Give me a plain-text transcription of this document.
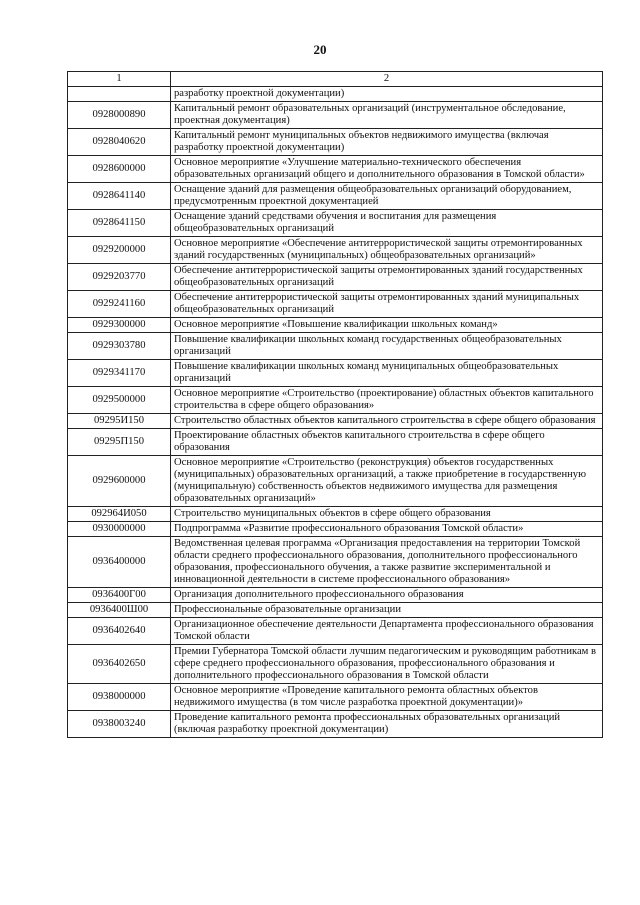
20
1	2
	разработку проектной документации)
0928000890	Капитальный ремонт образовательных организаций (инструментальное обследование, проектная документация)
0928040620	Капитальный ремонт муниципальных объектов недвижимого имущества (включая разработку проектной документации)
0928600000	Основное мероприятие «Улучшение материально-технического обеспечения образовательных организаций общего и дополнительного образования в Томской области»
0928641140	Оснащение зданий для размещения общеобразовательных организаций оборудованием, предусмотренным проектной документацией
0928641150	Оснащение зданий средствами обучения и воспитания для размещения общеобразовательных организаций
0929200000	Основное мероприятие «Обеспечение антитеррористической защиты отремонтированных зданий государственных (муниципальных) общеобразовательных организаций»
0929203770	Обеспечение антитеррористической защиты отремонтированных зданий государственных общеобразовательных организаций
0929241160	Обеспечение антитеррористической защиты отремонтированных зданий муниципальных общеобразовательных организаций
0929300000	Основное мероприятие «Повышение квалификации школьных команд»
0929303780	Повышение квалификации школьных команд государственных общеобразовательных организаций
0929341170	Повышение квалификации школьных команд муниципальных общеобразовательных организаций
0929500000	Основное мероприятие «Строительство (проектирование) областных объектов капитального строительства в сфере общего образования»
09295И150	Строительство областных объектов капитального строительства в сфере общего образования
09295П150	Проектирование областных объектов капитального строительства в сфере общего образования
0929600000	Основное мероприятие «Строительство (реконструкция) объектов государственных (муниципальных) образовательных организаций, а также приобретение в государственную (муниципальную) собственность объектов недвижимого имущества для размещения образовательных организаций»
092964И050	Строительство муниципальных объектов в сфере общего образования
0930000000	Подпрограмма «Развитие профессионального образования Томской области»
0936400000	Ведомственная целевая программа «Организация предоставления на территории Томской области среднего профессионального образования, дополнительного профессионального образования, профессионального обучения, а также развитие экспериментальной и инновационной деятельности в системе профессионального образования»
0936400Г00	Организация дополнительного профессионального образования
0936400Ш00	Профессиональные образовательные организации
0936402640	Организационное обеспечение деятельности Департамента профессионального образования Томской области
0936402650	Премии Губернатора Томской области лучшим педагогическим и руководящим работникам в сфере среднего профессионального образования, профессионального образования и дополнительного профессионального образования в Томской области
0938000000	Основное мероприятие «Проведение капитального ремонта областных объектов недвижимого имущества (в том числе разработка проектной документации)»
0938003240	Проведение капитального ремонта профессиональных образовательных организаций (включая разработку проектной документации)
